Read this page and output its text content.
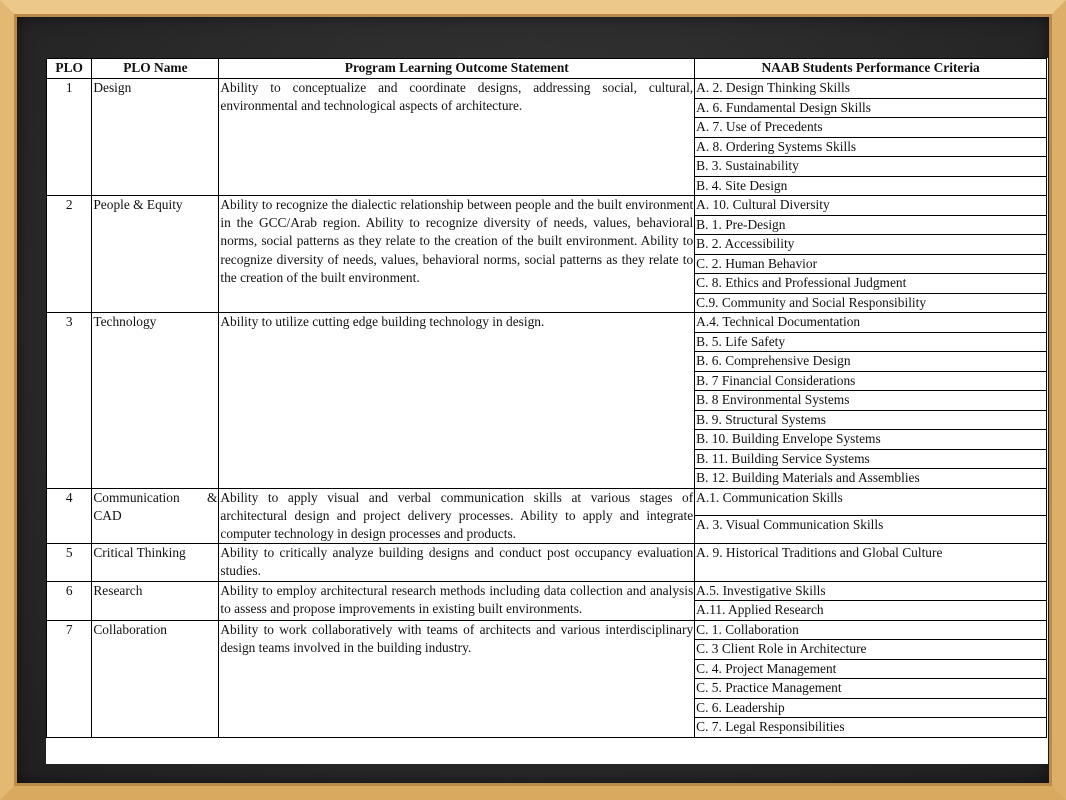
PLO	PLO Name	Program Learning Outcome Statement	NAAB Students Performance Criteria
1	Design	Ability to conceptualize and coordinate designs, addressing social, cultural, environmental and technological aspects of architecture.	A. 2. Design Thinking Skills
			A. 6. Fundamental Design Skills
			A. 7. Use of Precedents
			A. 8. Ordering Systems Skills
			B. 3. Sustainability
			B. 4. Site Design
2	People & Equity	Ability to recognize the dialectic relationship between people and the built environment in the GCC/Arab region. Ability to recognize diversity of needs, values, behavioral norms, social patterns as they relate to the creation of the built environment. Ability to recognize diversity of needs, values, behavioral norms, social patterns as they relate to the creation of the built environment.	A. 10. Cultural Diversity
			B. 1. Pre-Design
			B. 2. Accessibility
			C. 2. Human Behavior
			C. 8. Ethics and Professional Judgment
			C.9. Community and Social Responsibility
3	Technology	Ability to utilize cutting edge building technology in design.	A.4. Technical Documentation
			B. 5. Life Safety
			B. 6. Comprehensive Design
			B. 7 Financial Considerations
			B. 8 Environmental Systems
			B. 9. Structural Systems
			B. 10. Building Envelope Systems
			B. 11. Building Service Systems
			B. 12. Building Materials and Assemblies
4	Communication & CAD	Ability to apply visual and verbal communication skills at various stages of architectural design and project delivery processes. Ability to apply and integrate computer technology in design processes and products.	A.1. Communication Skills
			A. 3. Visual Communication Skills
5	Critical Thinking	Ability to critically analyze building designs and conduct post occupancy evaluation studies.	A. 9. Historical Traditions and Global Culture
6	Research	Ability to employ architectural research methods including data collection and analysis to assess and propose improvements in existing built environments.	A.5. Investigative Skills
			A.11. Applied Research
7	Collaboration	Ability to work collaboratively with teams of architects and various interdisciplinary design teams involved in the building industry.	C. 1. Collaboration
			C. 3 Client Role in Architecture
			C. 4. Project Management
			C. 5. Practice Management
			C. 6. Leadership
			C. 7. Legal Responsibilities
